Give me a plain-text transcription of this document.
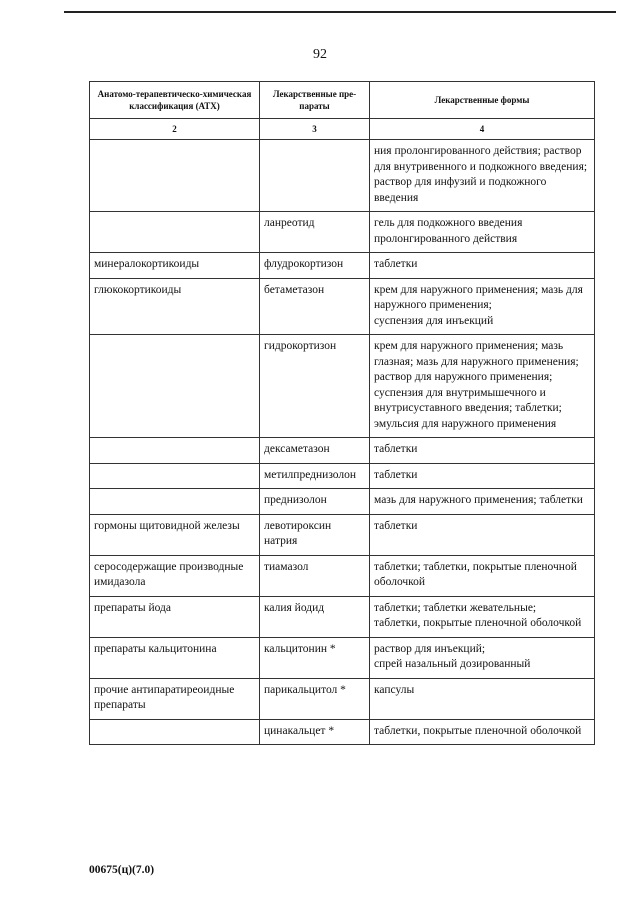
92
Анатомо-терапевтическо-химическая классификация (АТХ)	Лекарственные пре-параты	Лекарственные формы
2	3	4
		ния пролонгированного действия; раствор для внутривенного и подкожного введения;
раствор для инфузий и подкожного введения
	ланреотид	гель для подкожного введения пролонгированного действия
минералокортикоиды	флудрокортизон	таблетки
глюкокортикоиды	бетаметазон	крем для наружного применения; мазь для наружного применения;
суспензия для инъекций
	гидрокортизон	крем для наружного применения; мазь глазная; мазь для наружного применения; раствор для наружного применения; суспензия для внутримышечного и внутрисуставного введения; таблетки;
эмульсия для наружного применения
	дексаметазон	таблетки
	метилпреднизолон	таблетки
	преднизолон	мазь для наружного применения; таблетки
гормоны щитовидной железы	левотироксин натрия	таблетки
серосодержащие производные имидазола	тиамазол	таблетки; таблетки, покрытые пленочной оболочкой
препараты йода	калия йодид	таблетки; таблетки жевательные;
таблетки, покрытые пленочной оболочкой
препараты кальцитонина	кальцитонин *	раствор для инъекций;
спрей назальный дозированный
прочие антипаратиреоидные препараты	парикальцитол *	капсулы
	цинакальцет *	таблетки, покрытые пленочной оболочкой
00675(ц)(7.0)
